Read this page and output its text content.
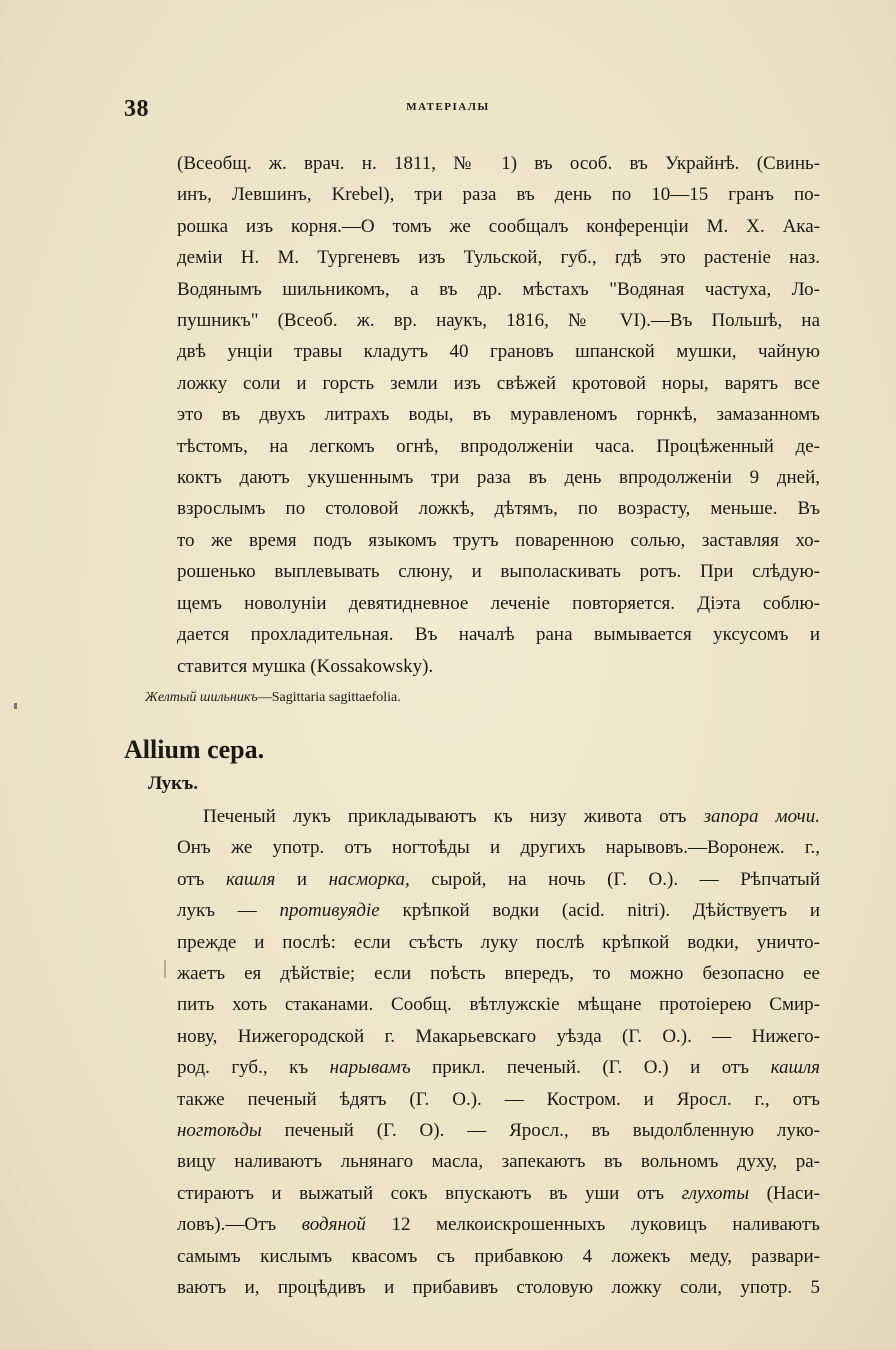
38	МАТЕРІАЛЫ
(Всеобщ. ж. врач. н. 1811, № 1) въ особ. въ Украйнѣ. (Свинь-
инъ, Левшинъ, Krebel), три раза въ день по 10—15 гранъ по-
рошка изъ корня.—О томъ же сообщалъ конференціи М. Х. Ака-
деміи Н. М. Тургеневъ изъ Тульской, губ., гдѣ это растеніе наз.
Водянымъ шильникомъ, а въ др. мѣстахъ "Водяная частуха, Ло-
пушникъ" (Всеоб. ж. вр. наукъ, 1816, № VI).—Въ Польшѣ, на
двѣ унціи травы кладутъ 40 грановъ шпанской мушки, чайную
ложку соли и горсть земли изъ свѣжей кротовой норы, варятъ все
это въ двухъ литрахъ воды, въ муравленомъ горнкѣ, замазанномъ
тѣстомъ, на легкомъ огнѣ, впродолженіи часа. Процѣженный де-
коктъ даютъ укушеннымъ три раза въ день впродолженіи 9 дней,
взрослымъ по столовой ложкѣ, дѣтямъ, по возрасту, меньше. Въ
то же время подъ языкомъ трутъ поваренною солью, заставляя хо-
рошенько выплевывать слюну, и выполаскивать ротъ. При слѣдую-
щемъ новолуніи девятидневное леченіе повторяется. Діэта соблю-
дается прохладительная. Въ началѣ рана вымывается уксусомъ и
ставится мушка (Kossakowsky).
Желтый шильникъ—Sagittaria sagittaefolia.
Allium cepa.
Лукъ.
Печеный лукъ прикладываютъ къ низу живота отъ запора мочи.
Онъ же употр. отъ ногтоѣды и другихъ нарывовъ.—Воронеж. г.,
отъ кашля и насморка, сырой, на ночь (Г. О.). — Рѣпчатый
лукъ — противуядіе крѣпкой водки (acid. nitri). Дѣйствуетъ и
прежде и послѣ: если съѣсть луку послѣ крѣпкой водки, уничто-
жаетъ ея дѣйствіе; если поѣсть впередъ, то можно безопасно ее
пить хоть стаканами. Сообщ. вѣтлужскіе мѣщане протоіерею Смир-
нову, Нижегородской г. Макарьевскаго уѣзда (Г. О.). — Нижего-
род. губ., къ нарывамъ прикл. печеный. (Г. О.) и отъ кашля
также печеный ѣдятъ (Г. О.). — Костром. и Яросл. г., отъ
ногтоѣды печеный (Г. О). — Яросл., въ выдолбленную луко-
вицу наливаютъ льнянаго масла, запекаютъ въ вольномъ духу, ра-
стираютъ и выжатый сокъ впускаютъ въ уши отъ глухоты (Наси-
ловъ).—Отъ водяной 12 мелкоискрошенныхъ луковицъ наливаютъ
самымъ кислымъ квасомъ съ прибавкою 4 ложекъ меду, развари-
ваютъ и, процѣдивъ и прибавивъ столовую ложку соли, употр. 5
